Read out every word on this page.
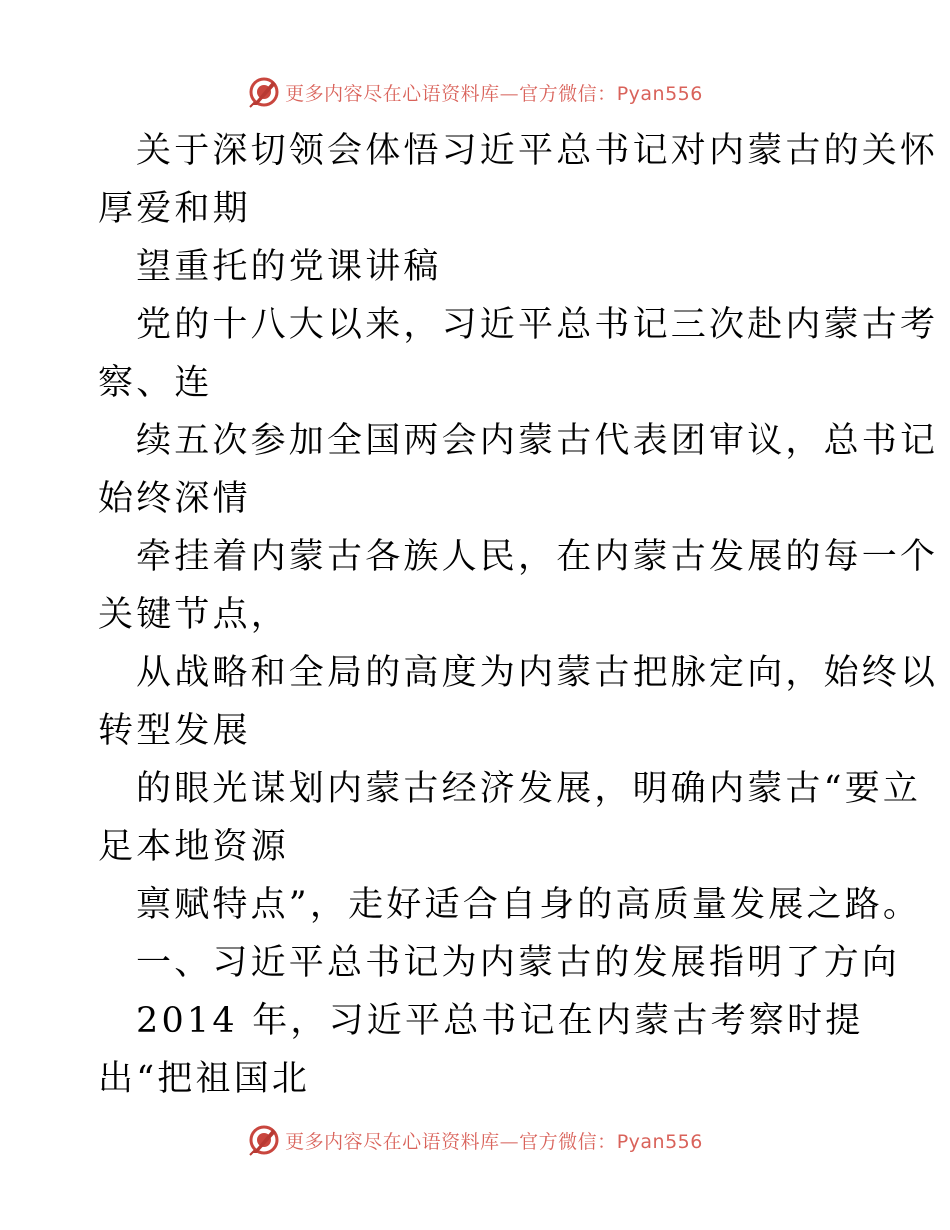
更多内容尽在心语资料库—官方微信：Pyan556
关于深切领会体悟习近平总书记对内蒙古的关怀
厚爱和期
望重托的党课讲稿
党的十八大以来，习近平总书记三次赴内蒙古考
察、连
续五次参加全国两会内蒙古代表团审议，总书记
始终深情
牵挂着内蒙古各族人民，在内蒙古发展的每一个
关键节点，
从战略和全局的高度为内蒙古把脉定向，始终以
转型发展
的眼光谋划内蒙古经济发展，明确内蒙古“要立
足本地资源
禀赋特点”，走好适合自身的高质量发展之路。
一、习近平总书记为内蒙古的发展指明了方向
2014 年，习近平总书记在内蒙古考察时提
出“把祖国北
更多内容尽在心语资料库—官方微信：Pyan556
